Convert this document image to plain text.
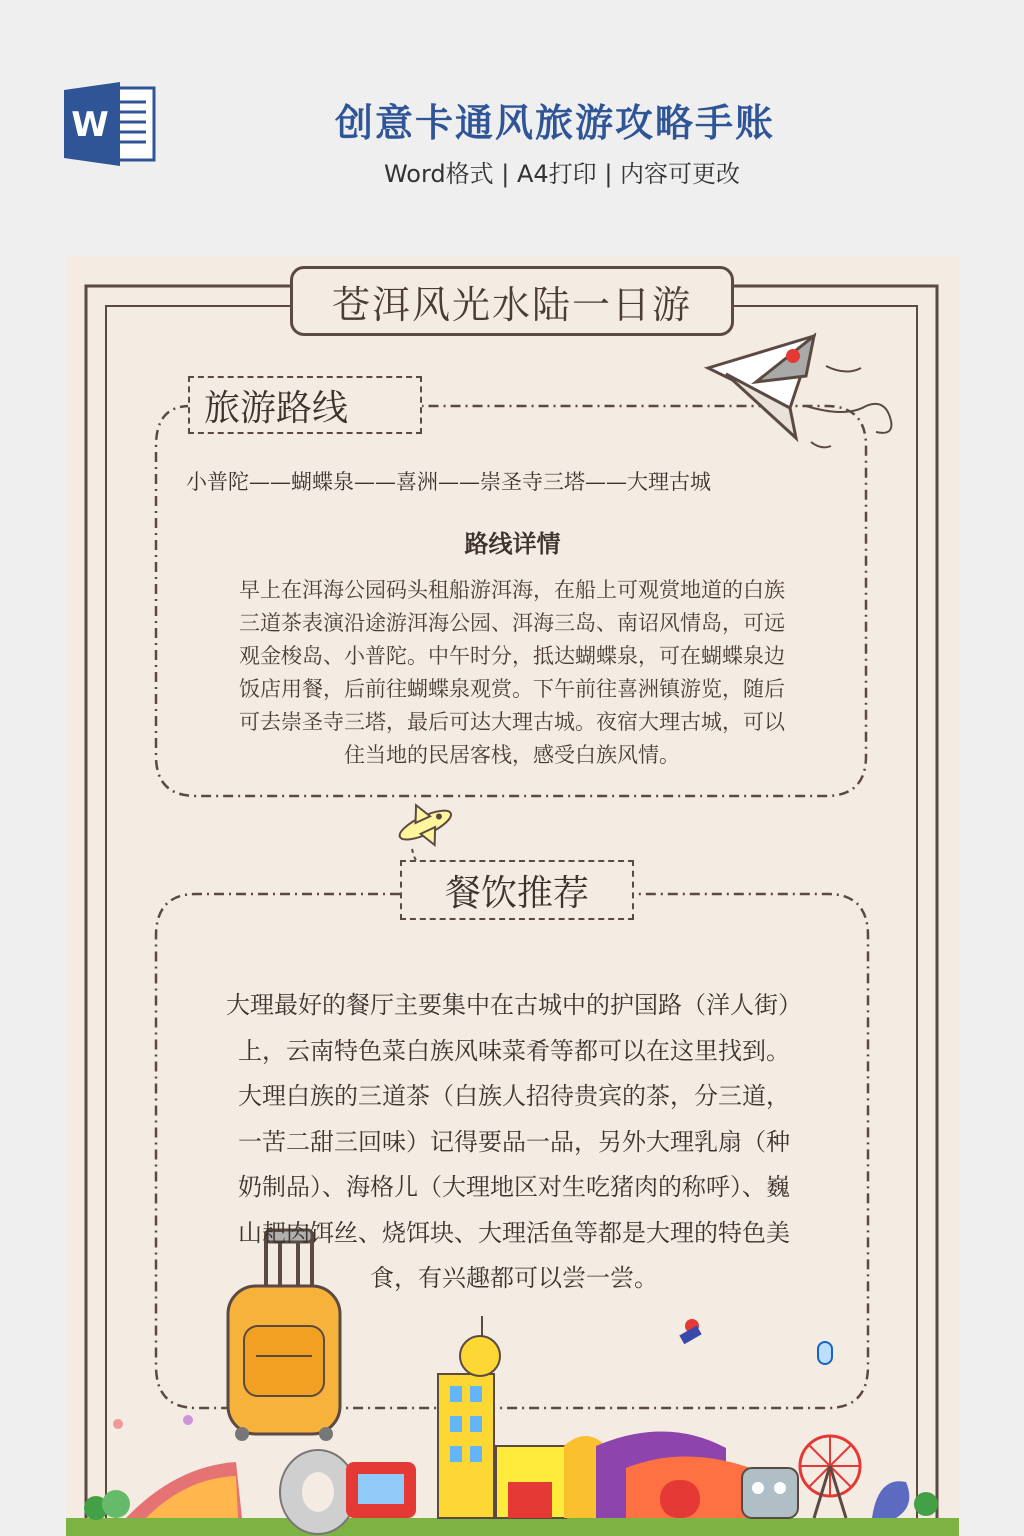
W	创意卡通风旅游攻略手账
Word格式 | A4打印 | 内容可更改
苍洱风光水陆一日游
旅游路线
小普陀——蝴蝶泉——喜洲——崇圣寺三塔——大理古城
路线详情
早上在洱海公园码头租船游洱海，在船上可观赏地道的白族
三道茶表演沿途游洱海公园、洱海三岛、南诏风情岛，可远
观金梭岛、小普陀。中午时分，抵达蝴蝶泉，可在蝴蝶泉边
饭店用餐，后前往蝴蝶泉观赏。下午前往喜洲镇游览，随后
可去崇圣寺三塔，最后可达大理古城。夜宿大理古城，可以
住当地的民居客栈，感受白族风情。
餐饮推荐
大理最好的餐厅主要集中在古城中的护国路（洋人街）
上，云南特色菜白族风味菜肴等都可以在这里找到。
大理白族的三道茶（白族人招待贵宾的茶，分三道，
一苦二甜三回味）记得要品一品，另外大理乳扇（种
奶制品）、海格儿（大理地区对生吃猪肉的称呼）、巍
山耙肉饵丝、烧饵块、大理活鱼等都是大理的特色美
食，有兴趣都可以尝一尝。
